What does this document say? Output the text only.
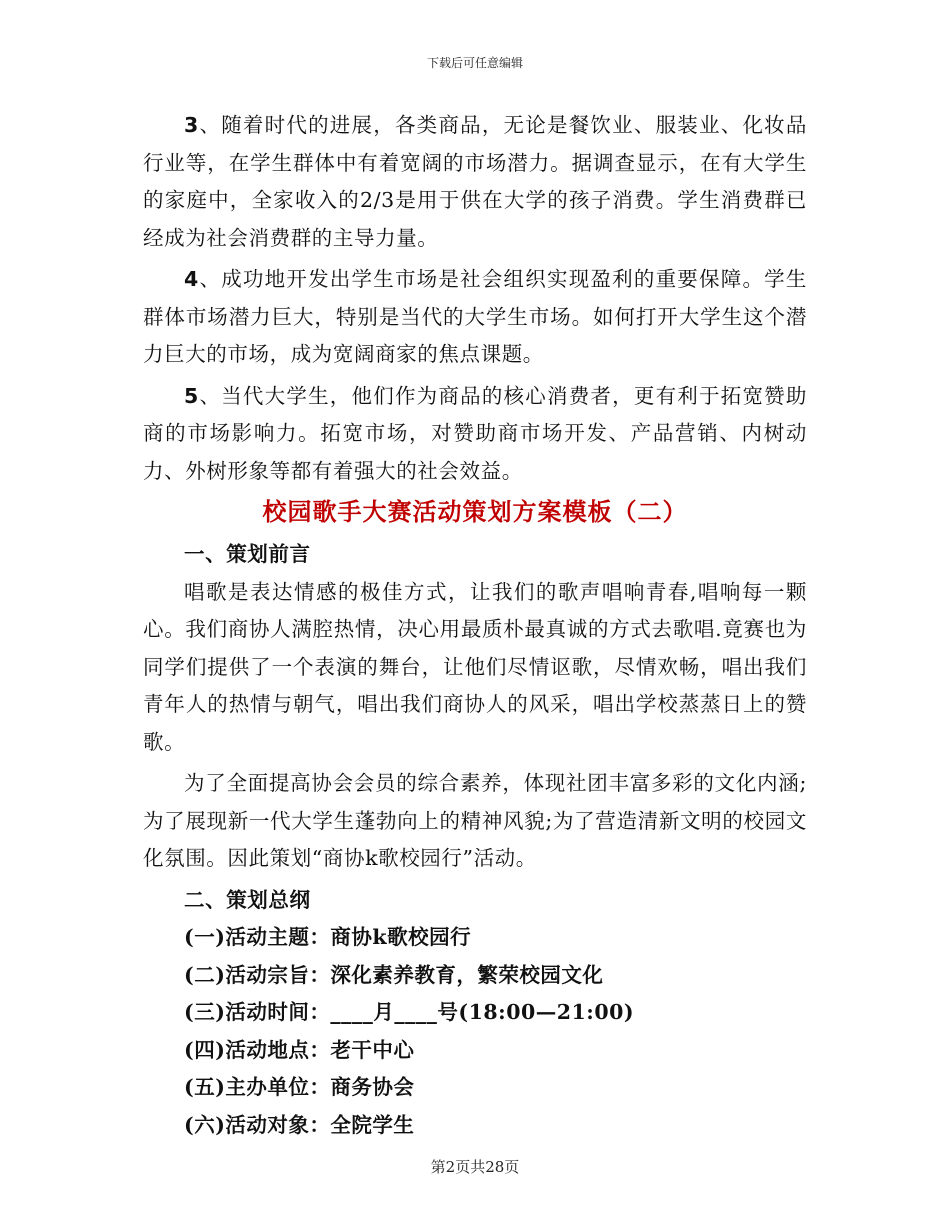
下载后可任意编辑

3、随着时代的进展，各类商品，无论是餐饮业、服装业、化妆品行业等，在学生群体中有着宽阔的市场潜力。据调查显示，在有大学生的家庭中，全家收入的2/3是用于供在大学的孩子消费。学生消费群已经成为社会消费群的主导力量。

4、成功地开发出学生市场是社会组织实现盈利的重要保障。学生群体市场潜力巨大，特别是当代的大学生市场。如何打开大学生这个潜力巨大的市场，成为宽阔商家的焦点课题。

5、当代大学生，他们作为商品的核心消费者，更有利于拓宽赞助商的市场影响力。拓宽市场，对赞助商市场开发、产品营销、内树动力、外树形象等都有着强大的社会效益。

校园歌手大赛活动策划方案模板（二）

一、策划前言

唱歌是表达情感的极佳方式，让我们的歌声唱响青春,唱响每一颗心。我们商协人满腔热情，决心用最质朴最真诚的方式去歌唱.竟赛也为同学们提供了一个表演的舞台，让他们尽情讴歌，尽情欢畅，唱出我们青年人的热情与朝气，唱出我们商协人的风采，唱出学校蒸蒸日上的赞歌。

为了全面提高协会会员的综合素养，体现社团丰富多彩的文化内涵;为了展现新一代大学生蓬勃向上的精神风貌;为了营造清新文明的校园文化氛围。因此策划“商协k歌校园行”活动。

二、策划总纲

(一)活动主题：商协k歌校园行

(二)活动宗旨：深化素养教育，繁荣校园文化

(三)活动时间：____月____号(18:00—21:00)

(四)活动地点：老干中心

(五)主办单位：商务协会

(六)活动对象：全院学生

第2页共28页
